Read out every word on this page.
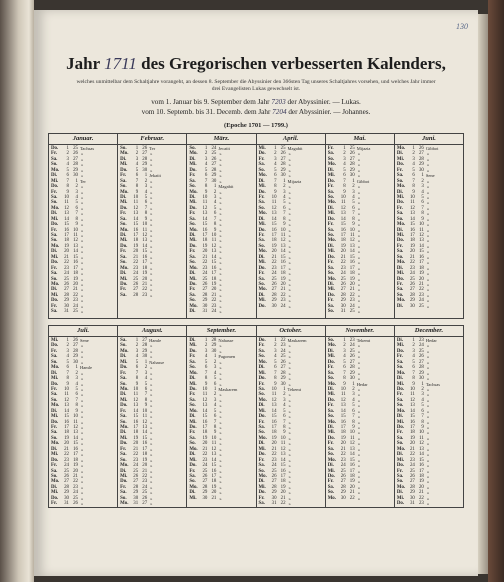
130
Jahr 1711 des Gregorischen verbesserten Kalenders,
welches unmittelbar dem Schaltjahre vorangeht, an dessen 8. September die Abyssinier den 366sten Tag unseres Schaltjahres vorsehen, und welches Jahr immer drei Evangelisten Lukas gewechselt ist.
vom 1. Januar bis 9. September dem Jahr 7203 der Abyssinier. — Lukas.
vom 10. Septemb. bis 31. Decemb. dem Jahr 7204 der Abyssinier. — Johannes.
(Epoche 1701 — 1799.)
Januar.
Do.	1 25 Tachsas
Fr.	2 26 »
Sa.	3 27 »
So.	4 28 »
Mo.	5 29 »
Di.	6 30 »
Mi.	7	1 Ter
Do.	8	2 »
Fr.	9	3 »
Sa.	10	4 »
So.	11	5 »
Mo. 12	6 »
Di.	13	7 »
Mi.	14	8 »
Do.	15	9 »
Fr.	16 10 »
Sa.	17 11 »
So.	18 12 »
Mo. 19 13 »
Di.	20 14 »
Mi.	21 15 »
Do.	22 16 »
Fr.	23 17 »
Sa.	24 18 »
So.	25 19 »
Mo. 26 20 »
Di.	27 21 »
Mi.	28 22 »
Do.	29 23 »
Fr.	30 24 »
Sa.	31 25 »
Februar.
So.	1 26 Ter
Mo.	2 27 »
Di.	3 28 »
Mi.	4 29 »
Do.	5 30 »
Fr.	6	1 Jekatit
Sa.	7	2 »
So.	8	3 »
Mo.	9	4 »
Di.	10	5 »
Mi.	11	6 »
Do.	12	7 »
Fr.	13	8 »
Sa.	14	9 »
So.	15 10 »
Mo. 16 11 »
Di.	17 12 »
Mi.	18 13 »
Do.	19 14 »
Fr.	20 15 »
Sa.	21 16 »
So.	22 17 »
Mo. 23 18 »
Di.	24 19 »
Mi.	25 20 »
Do.	26 21 »
Fr.	27 22 »
Sa.	28 23 »
März.
So.	1 24 Jecatit
Mo.	2 25 »
Di.	3 26 »
Mi.	4 27 »
Do.	5 28 »
Fr.	6 29 »
Sa.	7 30 »
So.	8	1 Magabit
Mo.	9	2 »
Di.	10	3 »
Mi.	11	4 »
Do.	12	5 »
Fr.	13	6 »
Sa.	14	7 »
So.	15	8 »
Mo. 16	9 »
Di.	17 10 »
Mi.	18 11 »
Do.	19 12 »
Fr.	20 13 »
Sa.	21 14 »
So.	22 15 »
Mo. 23 16 »
Di.	24 17 »
Mi.	25 18 »
Do.	26 19 »
Fr.	27 20 »
Sa.	28 21 »
So.	29 22 »
Mo. 30 23 »
Di.	31 24 »
April.
Mi.	1 25 Magabit
Do.	2 26 »
Fr.	3 27 »
Sa.	4 28 »
So.	5 29 »
Mo.	6 30 »
Di.	7	1 Mijazia
Mi.	8	2 »
Do.	9	3 »
Fr.	10	4 »
Sa.	11	5 »
So.	12	6 »
Mo. 13	7 »
Di.	14	8 »
Mi.	15	9 »
Do.	16 10 »
Fr.	17 11 »
Sa.	18 12 »
So.	19 13 »
Mo. 20 14 »
Di.	21 15 »
Mi.	22 16 »
Do.	23 17 »
Fr.	24 18 »
Sa.	25 19 »
So.	26 20 »
Mo. 27 21 »
Di.	28 22 »
Mi.	29 23 »
Do.	30 24 »
Mai.
Fr.	1 25 Mijazia
Sa.	2 26 »
So.	3 27 »
Mo.	4 28 »
Di.	5 29 »
Mi.	6 30 »
Do.	7	1 Gibbot
Fr.	8	2 »
Sa.	9	3 »
So.	10	4 »
Mo.	11	5 »
Di.	12	6 »
Mi.	13	7 »
Do.	14	8 »
Fr.	15	9 »
Sa.	16 10 »
So.	17 11 »
Mo. 18 12 »
Di.	19 13 »
Mi.	20 14 »
Do.	21 15 »
Fr.	22 16 »
Sa.	23 17 »
So.	24 18 »
Mo. 25 19 »
Di.	26 20 »
Mi.	27 21 »
Do.	28 22 »
Fr.	29 23 »
Sa.	30 24 »
So.	31 25 »
Juni.
Mo.	1 26 Gibbot
Di.	2 27 »
Mi.	3 28 »
Do.	4 29 »
Fr.	5 30 »
Sa.	6	1 Sene
So.	7	2 »
Mo.	8	3 »
Di.	9	4 »
Mi.	10	5 »
Do.	11	6 »
Fr.	12	7 »
Sa.	13	8 »
So.	14	9 »
Mo. 15 10 »
Di.	16 11 »
Mi.	17 12 »
Do.	18 13 »
Fr.	19 14 »
Sa.	20 15 »
So.	21 16 »
Mo. 22 17 »
Di.	23 18 »
Mi.	24 19 »
Do.	25 20 »
Fr.	26 21 »
Sa.	27 22 »
So.	28 23 »
Mo. 29 24 »
Di.	30 25 »
Juli.
Mi.	1 26 Sene
Do.	2 27 »
Fr.	3 28 »
Sa.	4 29 »
So.	5 30 »
Mo.	6	1 Hamle
Di.	7	2 »
Mi.	8	3 »
Do.	9	4 »
Fr.	10	5 »
Sa.	11	6 »
So.	12	7 »
Mo. 13	8 »
Di.	14	9 »
Mi.	15 10 »
Do.	16 11 »
Fr.	17 12 »
Sa.	18 13 »
So.	19 14 »
Mo. 20 15 »
Di.	21 16 »
Mi.	22 17 »
Do.	23 18 »
Fr.	24 19 »
Sa.	25 20 »
So.	26 21 »
Mo. 27 22 »
Di.	28 23 »
Mi.	29 24 »
Do.	30 25 »
Fr.	31 26 »
August.
Sa.	1 27 Hamle
So.	2 28 »
Mo.	3 29 »
Di.	4 30 »
Mi.	5	1 Nahasse
Do.	6	2 »
Fr.	7	3 »
Sa.	8	4 »
So.	9	5 »
Mo. 10	6 »
Di.	11	7 »
Mi.	12	8 »
Do.	13	9 »
Fr.	14 10 »
Sa.	15 11 »
So.	16 12 »
Mo. 17 13 »
Di.	18 14 »
Mi.	19 15 »
Do.	20 16 »
Fr.	21 17 »
Sa.	22 18 »
So.	23 19 »
Mo. 24 20 »
Di.	25 21 »
Mi.	26 22 »
Do.	27 23 »
Fr.	28 24 »
Sa.	29 25 »
So.	30 26 »
Mo. 31 27 »
September.
Di.	1 28 Nahasse
Mi.	2 29 »
Do.	3 30 »
Fr.	4	1 Pagomen
Sa.	5	2 »
So.	6	3 »
Mo.	7	4 »
Di.	8	5 »
Mi.	9	6 »
Do.	10	1 Maskarem
Fr.	11	2 »
Sa.	12	3 »
So.	13	4 »
Mo. 14	5 »
Di.	15	6 »
Mi.	16	7 »
Do.	17	8 »
Fr.	18	9 »
Sa.	19 10 »
So.	20 11 »
Mo. 21 12 »
Di.	22 13 »
Mi.	23 14 »
Do.	24 15 »
Fr.	25 16 »
Sa.	26 17 »
So.	27 18 »
Mo. 28 19 »
Di.	29 20 »
Mi.	30 21 »
October.
Do.	1 22 Maskarem
Fr.	2 23 »
Sa.	3 24 »
So.	4 25 »
Mo.	5 26 »
Di.	6 27 »
Mi.	7 28 »
Do.	8 29 »
Fr.	9 30 »
Sa.	10	1 Tekemt
So.	11	2 »
Mo. 12	3 »
Di.	13	4 »
Mi.	14	5 »
Do.	15	6 »
Fr.	16	7 »
Sa.	17	8 »
So.	18	9 »
Mo. 19 10 »
Di.	20 11 »
Mi.	21 12 »
Do.	22 13 »
Fr.	23 14 »
Sa.	24 15 »
So.	25 16 »
Mo. 26 17 »
Di.	27 18 »
Mi.	28 19 »
Do.	29 20 »
Fr.	30 21 »
Sa.	31 22 »
November.
So.	1 23 Tekemt
Mo.	2 24 »
Di.	3 25 »
Mi.	4 26 »
Do.	5 27 »
Fr.	6 28 »
Sa.	7 29 »
So.	8 30 »
Mo.	9	1 Hedar
Di.	10	2 »
Mi.	11	3 »
Do.	12	4 »
Fr.	13	5 »
Sa.	14	6 »
So.	15	7 »
Mo. 16	8 »
Di.	17	9 »
Mi.	18 10 »
Do.	19 11 »
Fr.	20 12 »
Sa.	21 13 »
So.	22 14 »
Mo. 23 15 »
Di.	24 16 »
Mi.	25 17 »
Do.	26 18 »
Fr.	27 19 »
Sa.	28 20 »
So.	29 21 »
Mo. 30 22 »
December.
Di.	1 23 Hedar
Mi.	2 24 »
Do.	3 25 »
Fr.	4 26 »
Sa.	5 27 »
So.	6 28 »
Mo.	7 29 »
Di.	8 30 »
Mi.	9	1 Tachsas
Do.	10	2 »
Fr.	11	3 »
Sa.	12	4 »
So.	13	5 »
Mo. 14	6 »
Di.	15	7 »
Mi.	16	8 »
Do.	17	9 »
Fr.	18 10 »
Sa.	19 11 »
So.	20 12 »
Mo. 21 13 »
Di.	22 14 »
Mi.	23 15 »
Do.	24 16 »
Fr.	25 17 »
Sa.	26 18 »
So.	27 19 »
Mo. 28 20 »
Di.	29 21 »
Mi.	30 22 »
Do.	31 23 »
